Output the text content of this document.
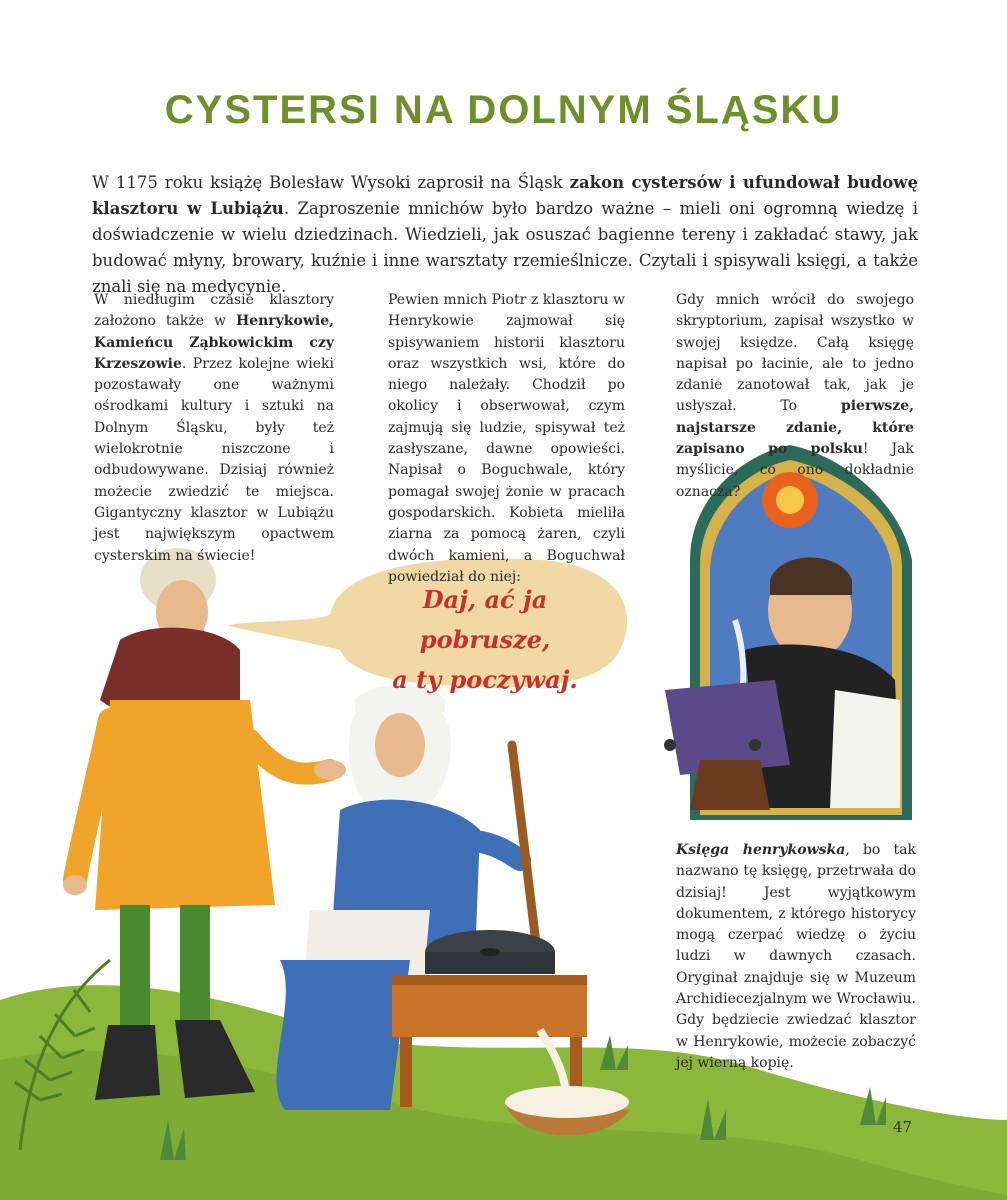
CYSTERSI NA DOLNYM ŚLĄSKU
W 1175 roku książę Bolesław Wysoki zaprosił na Śląsk zakon cystersów i ufundował budowę klasztoru w Lubiążu. Zaproszenie mnichów było bardzo ważne – mieli oni ogromną wiedzę i doświadczenie w wielu dziedzinach. Wiedzieli, jak osuszać bagienne tereny i zakładać stawy, jak budować młyny, browary, kuźnie i inne warsztaty rzemieślnicze. Czytali i spisywali księgi, a także znali się na medycynie.
W niedługim czasie klasztory założono także w Henrykowie, Kamieńcu Ząbkowickim czy Krzeszowie. Przez kolejne wieki pozostawały one ważnymi ośrodkami kultury i sztuki na Dolnym Śląsku, były też wielokrotnie niszczone i odbudowywane. Dzisiaj również możecie zwiedzić te miejsca. Gigantyczny klasztor w Lubiążu jest największym opactwem cysterskim na świecie!
Pewien mnich Piotr z klasztoru w Henrykowie zajmował się spisywaniem historii klasztoru oraz wszystkich wsi, które do niego należały. Chodził po okolicy i obserwował, czym zajmują się ludzie, spisywał też zasłyszane, dawne opowieści. Napisał o Boguchwale, który pomagał swojej żonie w pracach gospodarskich. Kobieta mieliła ziarna za pomocą żaren, czyli dwóch kamieni, a Boguchwał powiedział do niej:
Gdy mnich wrócił do swojego skryptorium, zapisał wszystko w swojej księdze. Całą księgę napisał po łacinie, ale to jedno zdanie zanotował tak, jak je usłyszał. To pierwsze, najstarsze zdanie, które zapisano po polsku! Jak myślicie, co ono dokładnie oznacza?
Daj, ać ja pobrusze,
a ty poczywaj.
Księga henrykowska, bo tak nazwano tę księgę, przetrwała do dzisiaj! Jest wyjątkowym dokumentem, z którego historycy mogą czerpać wiedzę o życiu ludzi w dawnych czasach. Oryginał znajduje się w Muzeum Archidiecezjalnym we Wrocławiu. Gdy będziecie zwiedzać klasztor w Henrykowie, możecie zobaczyć jej wierną kopię.
47
